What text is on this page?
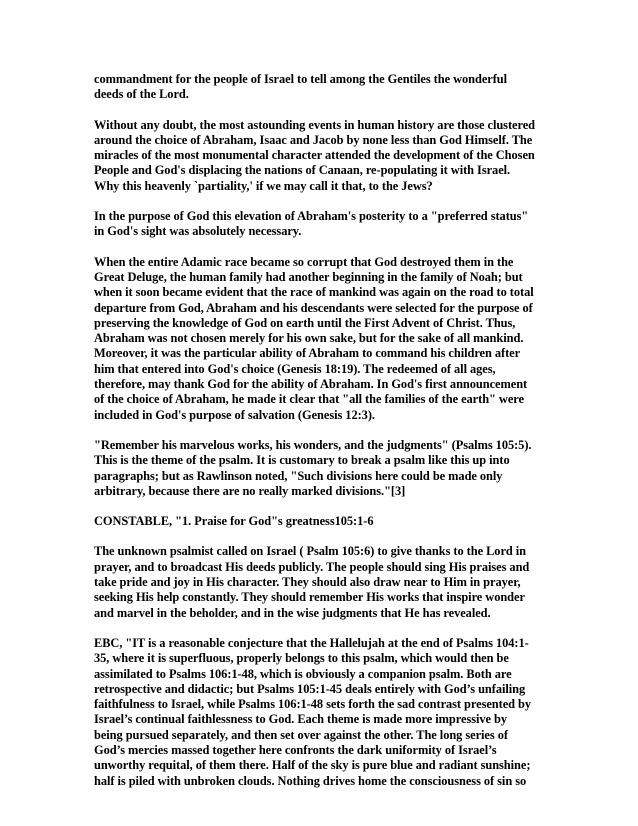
commandment for the people of Israel to tell among the Gentiles the wonderful
deeds of the Lord.

Without any doubt, the most astounding events in human history are those clustered
around the choice of Abraham, Isaac and Jacob by none less than God Himself. The
miracles of the most monumental character attended the development of the Chosen
People and God's displacing the nations of Canaan, re-populating it with Israel.
Why this heavenly `partiality,' if we may call it that, to the Jews?

In the purpose of God this elevation of Abraham's posterity to a "preferred status"
in God's sight was absolutely necessary.

When the entire Adamic race became so corrupt that God destroyed them in the
Great Deluge, the human family had another beginning in the family of Noah; but
when it soon became evident that the race of mankind was again on the road to total
departure from God, Abraham and his descendants were selected for the purpose of
preserving the knowledge of God on earth until the First Advent of Christ. Thus,
Abraham was not chosen merely for his own sake, but for the sake of all mankind.
Moreover, it was the particular ability of Abraham to command his children after
him that entered into God's choice (Genesis 18:19). The redeemed of all ages,
therefore, may thank God for the ability of Abraham. In God's first announcement
of the choice of Abraham, he made it clear that "all the families of the earth" were
included in God's purpose of salvation (Genesis 12:3).

"Remember his marvelous works, his wonders, and the judgments" (Psalms 105:5).
This is the theme of the psalm. It is customary to break a psalm like this up into
paragraphs; but as Rawlinson noted, "Such divisions here could be made only
arbitrary, because there are no really marked divisions."[3]

CONSTABLE, "1. Praise for God"s greatness105:1-6

The unknown psalmist called on Israel ( Psalm 105:6) to give thanks to the Lord in
prayer, and to broadcast His deeds publicly. The people should sing His praises and
take pride and joy in His character. They should also draw near to Him in prayer,
seeking His help constantly. They should remember His works that inspire wonder
and marvel in the beholder, and in the wise judgments that He has revealed.

EBC, "IT is a reasonable conjecture that the Hallelujah at the end of Psalms 104:1-
35, where it is superfluous, properly belongs to this psalm, which would then be
assimilated to Psalms 106:1-48, which is obviously a companion psalm. Both are
retrospective and didactic; but Psalms 105:1-45 deals entirely with God’s unfailing
faithfulness to Israel, while Psalms 106:1-48 sets forth the sad contrast presented by
Israel’s continual faithlessness to God. Each theme is made more impressive by
being pursued separately, and then set over against the other. The long series of
God’s mercies massed together here confronts the dark uniformity of Israel’s
unworthy requital, of them there. Half of the sky is pure blue and radiant sunshine;
half is piled with unbroken clouds. Nothing drives home the consciousness of sin so
